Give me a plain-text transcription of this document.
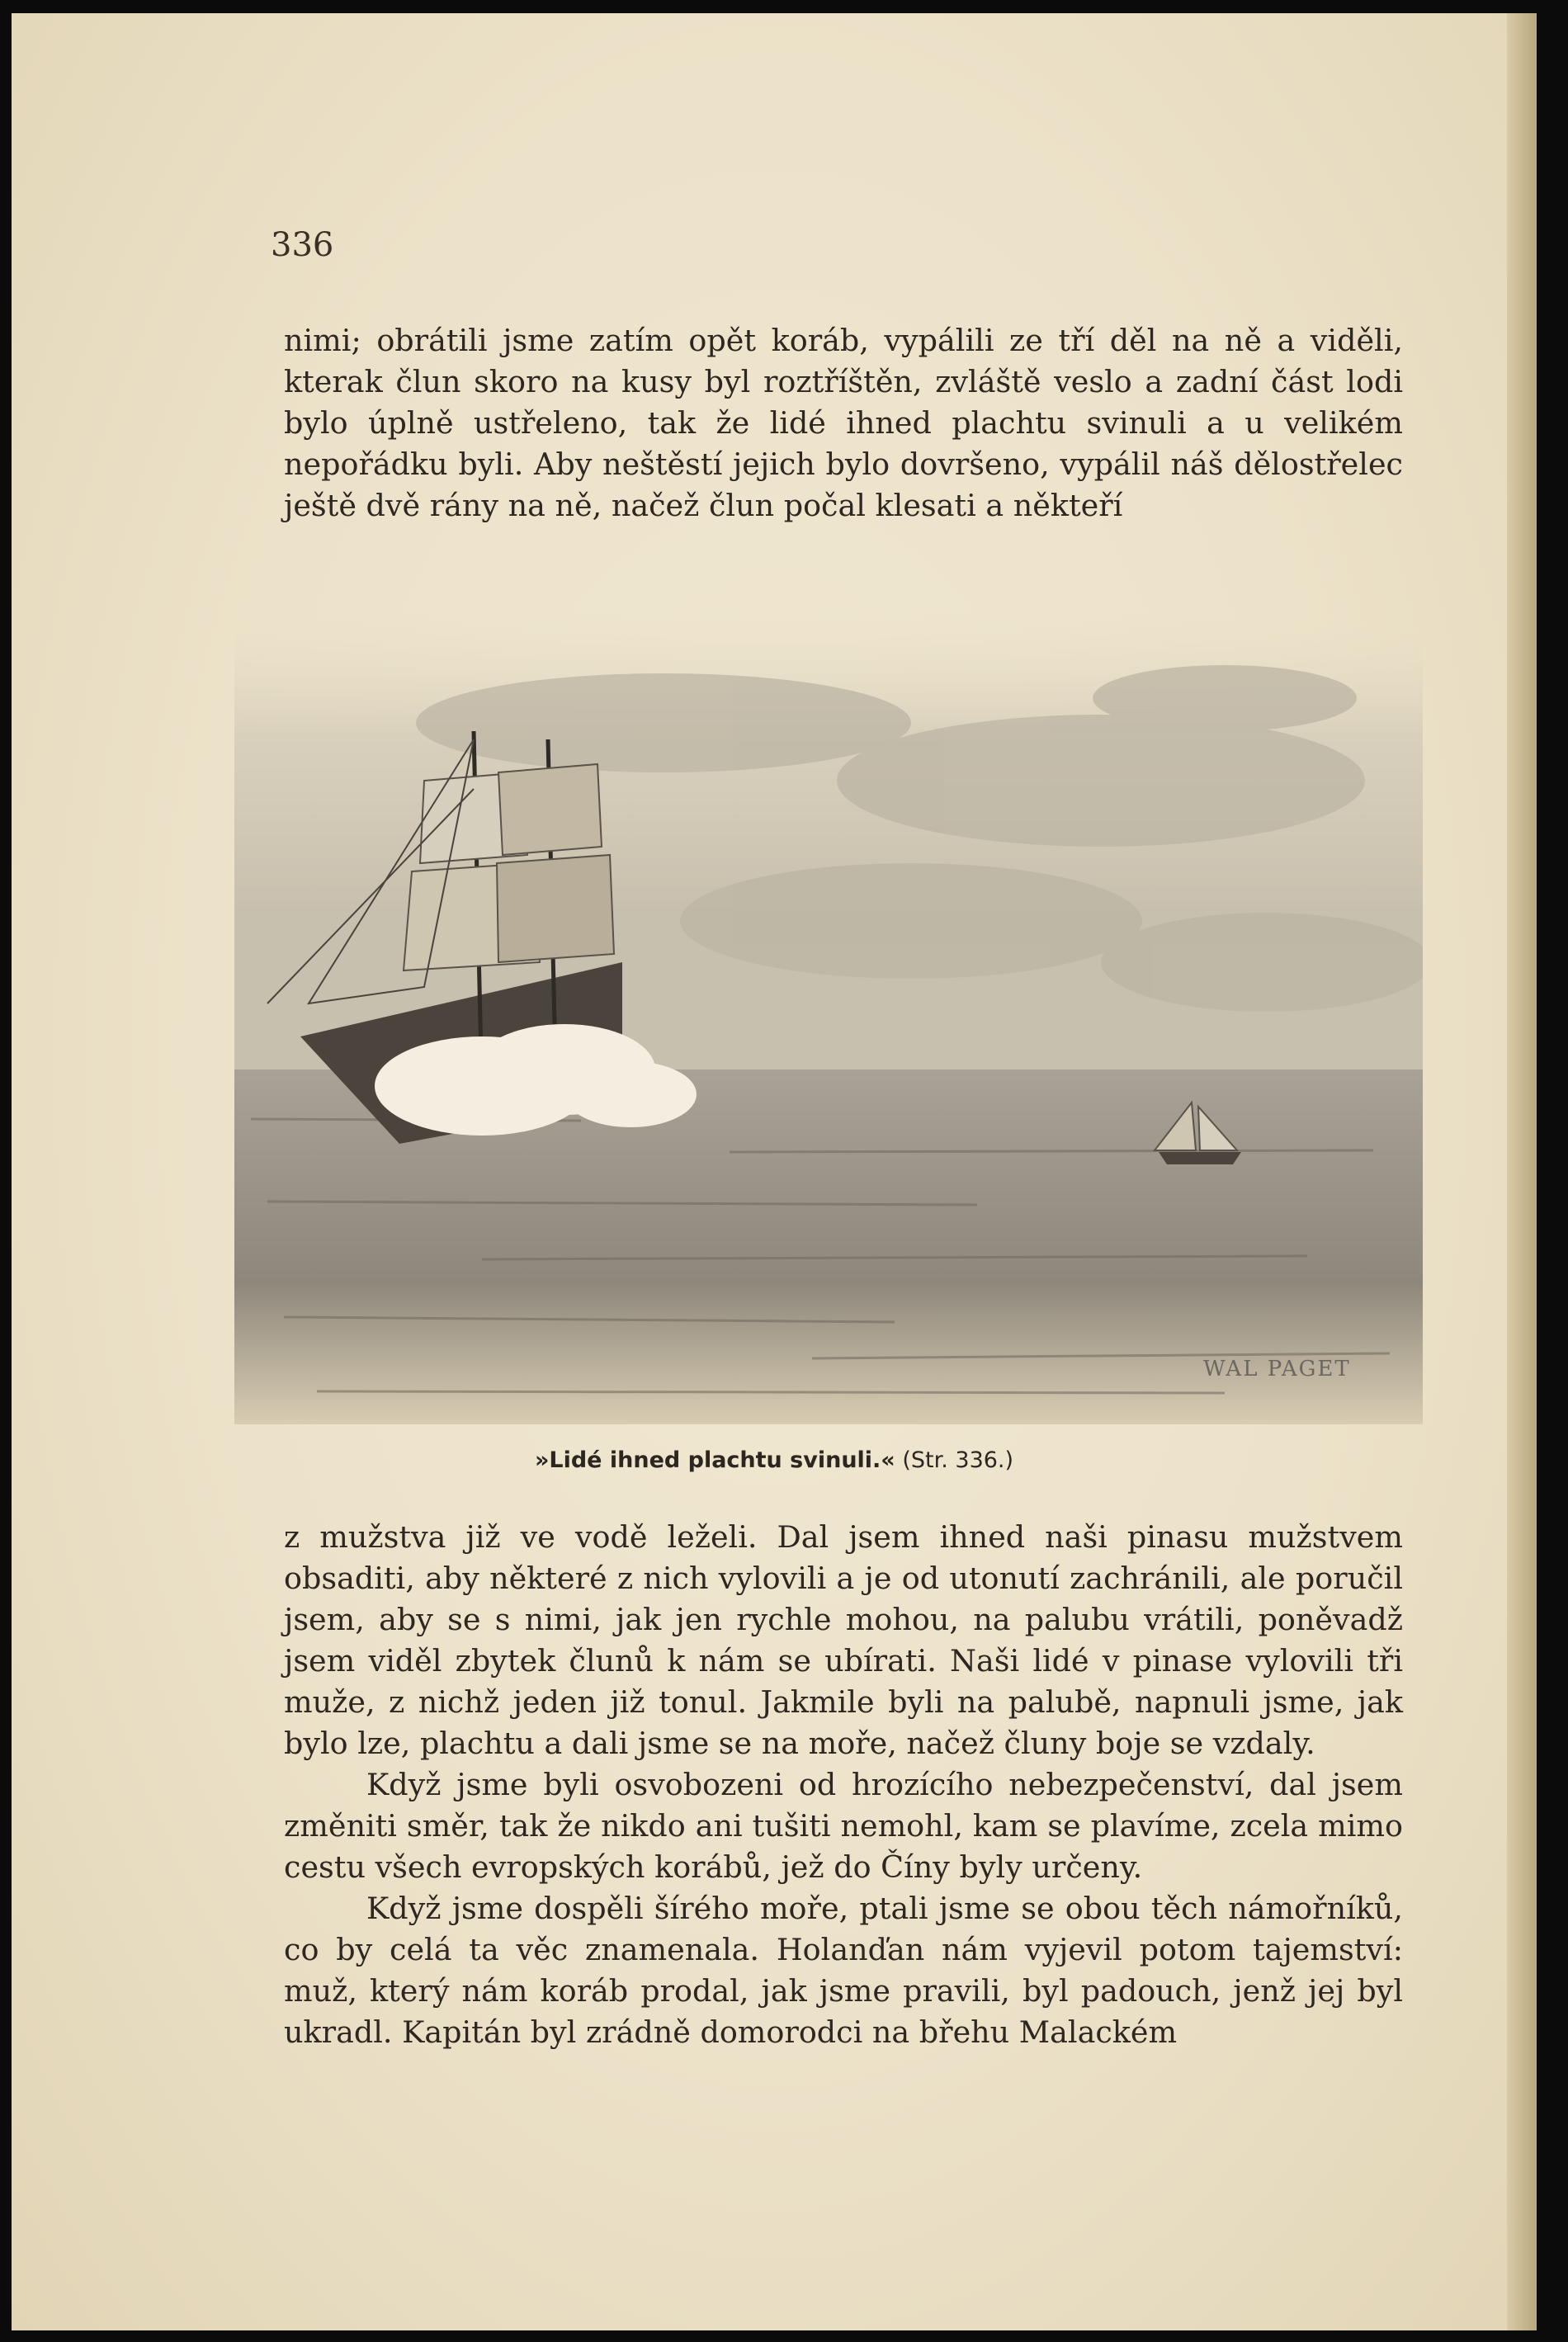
336

nimi; obrátili jsme zatím opět koráb, vypálili ze tří děl na ně a viděli, kterak člun skoro na kusy byl roztříštěn, zvláště veslo a zadní část lodi bylo úplně ustřeleno, tak že lidé ihned plachtu svinuli a u velikém nepořádku byli. Aby neštěstí jejich bylo dovršeno, vypálil náš dělostřelec ještě dvě rány na ně, načež člun počal klesati a někteří

WAL PAGET
»Lidé ihned plachtu svinuli.« (Str. 336.)

z mužstva již ve vodě leželi. Dal jsem ihned naši pinasu mužstvem obsaditi, aby některé z nich vylovili a je od utonutí zachránili, ale poručil jsem, aby se s nimi, jak jen rychle mohou, na palubu vrátili, poněvadž jsem viděl zbytek člunů k nám se ubírati. Naši lidé v pinase vylovili tři muže, z nichž jeden již tonul. Jakmile byli na palubě, napnuli jsme, jak bylo lze, plachtu a dali jsme se na moře, načež čluny boje se vzdaly.

Když jsme byli osvobozeni od hrozícího nebezpečenství, dal jsem změniti směr, tak že nikdo ani tušiti nemohl, kam se plavíme, zcela mimo cestu všech evropských korábů, jež do Číny byly určeny.

Když jsme dospěli šírého moře, ptali jsme se obou těch námořníků, co by celá ta věc znamenala. Holanďan nám vyjevil potom tajemství: muž, který nám koráb prodal, jak jsme pravili, byl padouch, jenž jej byl ukradl. Kapitán byl zrádně domorodci na břehu Malackém
